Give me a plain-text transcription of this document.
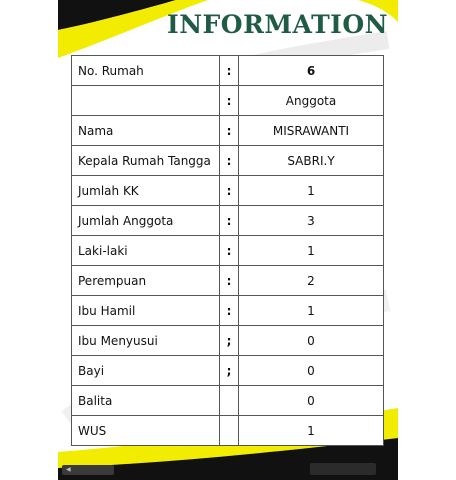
INFORMATION
No. Rumah	:	6
	:	Anggota
Nama	:	MISRAWANTI
Kepala Rumah Tangga	:	SABRI.Y
Jumlah KK	:	1
Jumlah Anggota	:	3
Laki-laki	:	1
Perempuan	:	2
Ibu Hamil	:	1
Ibu Menyusui	;	0
Bayi	;	0
Balita		0
WUS		1
◀
